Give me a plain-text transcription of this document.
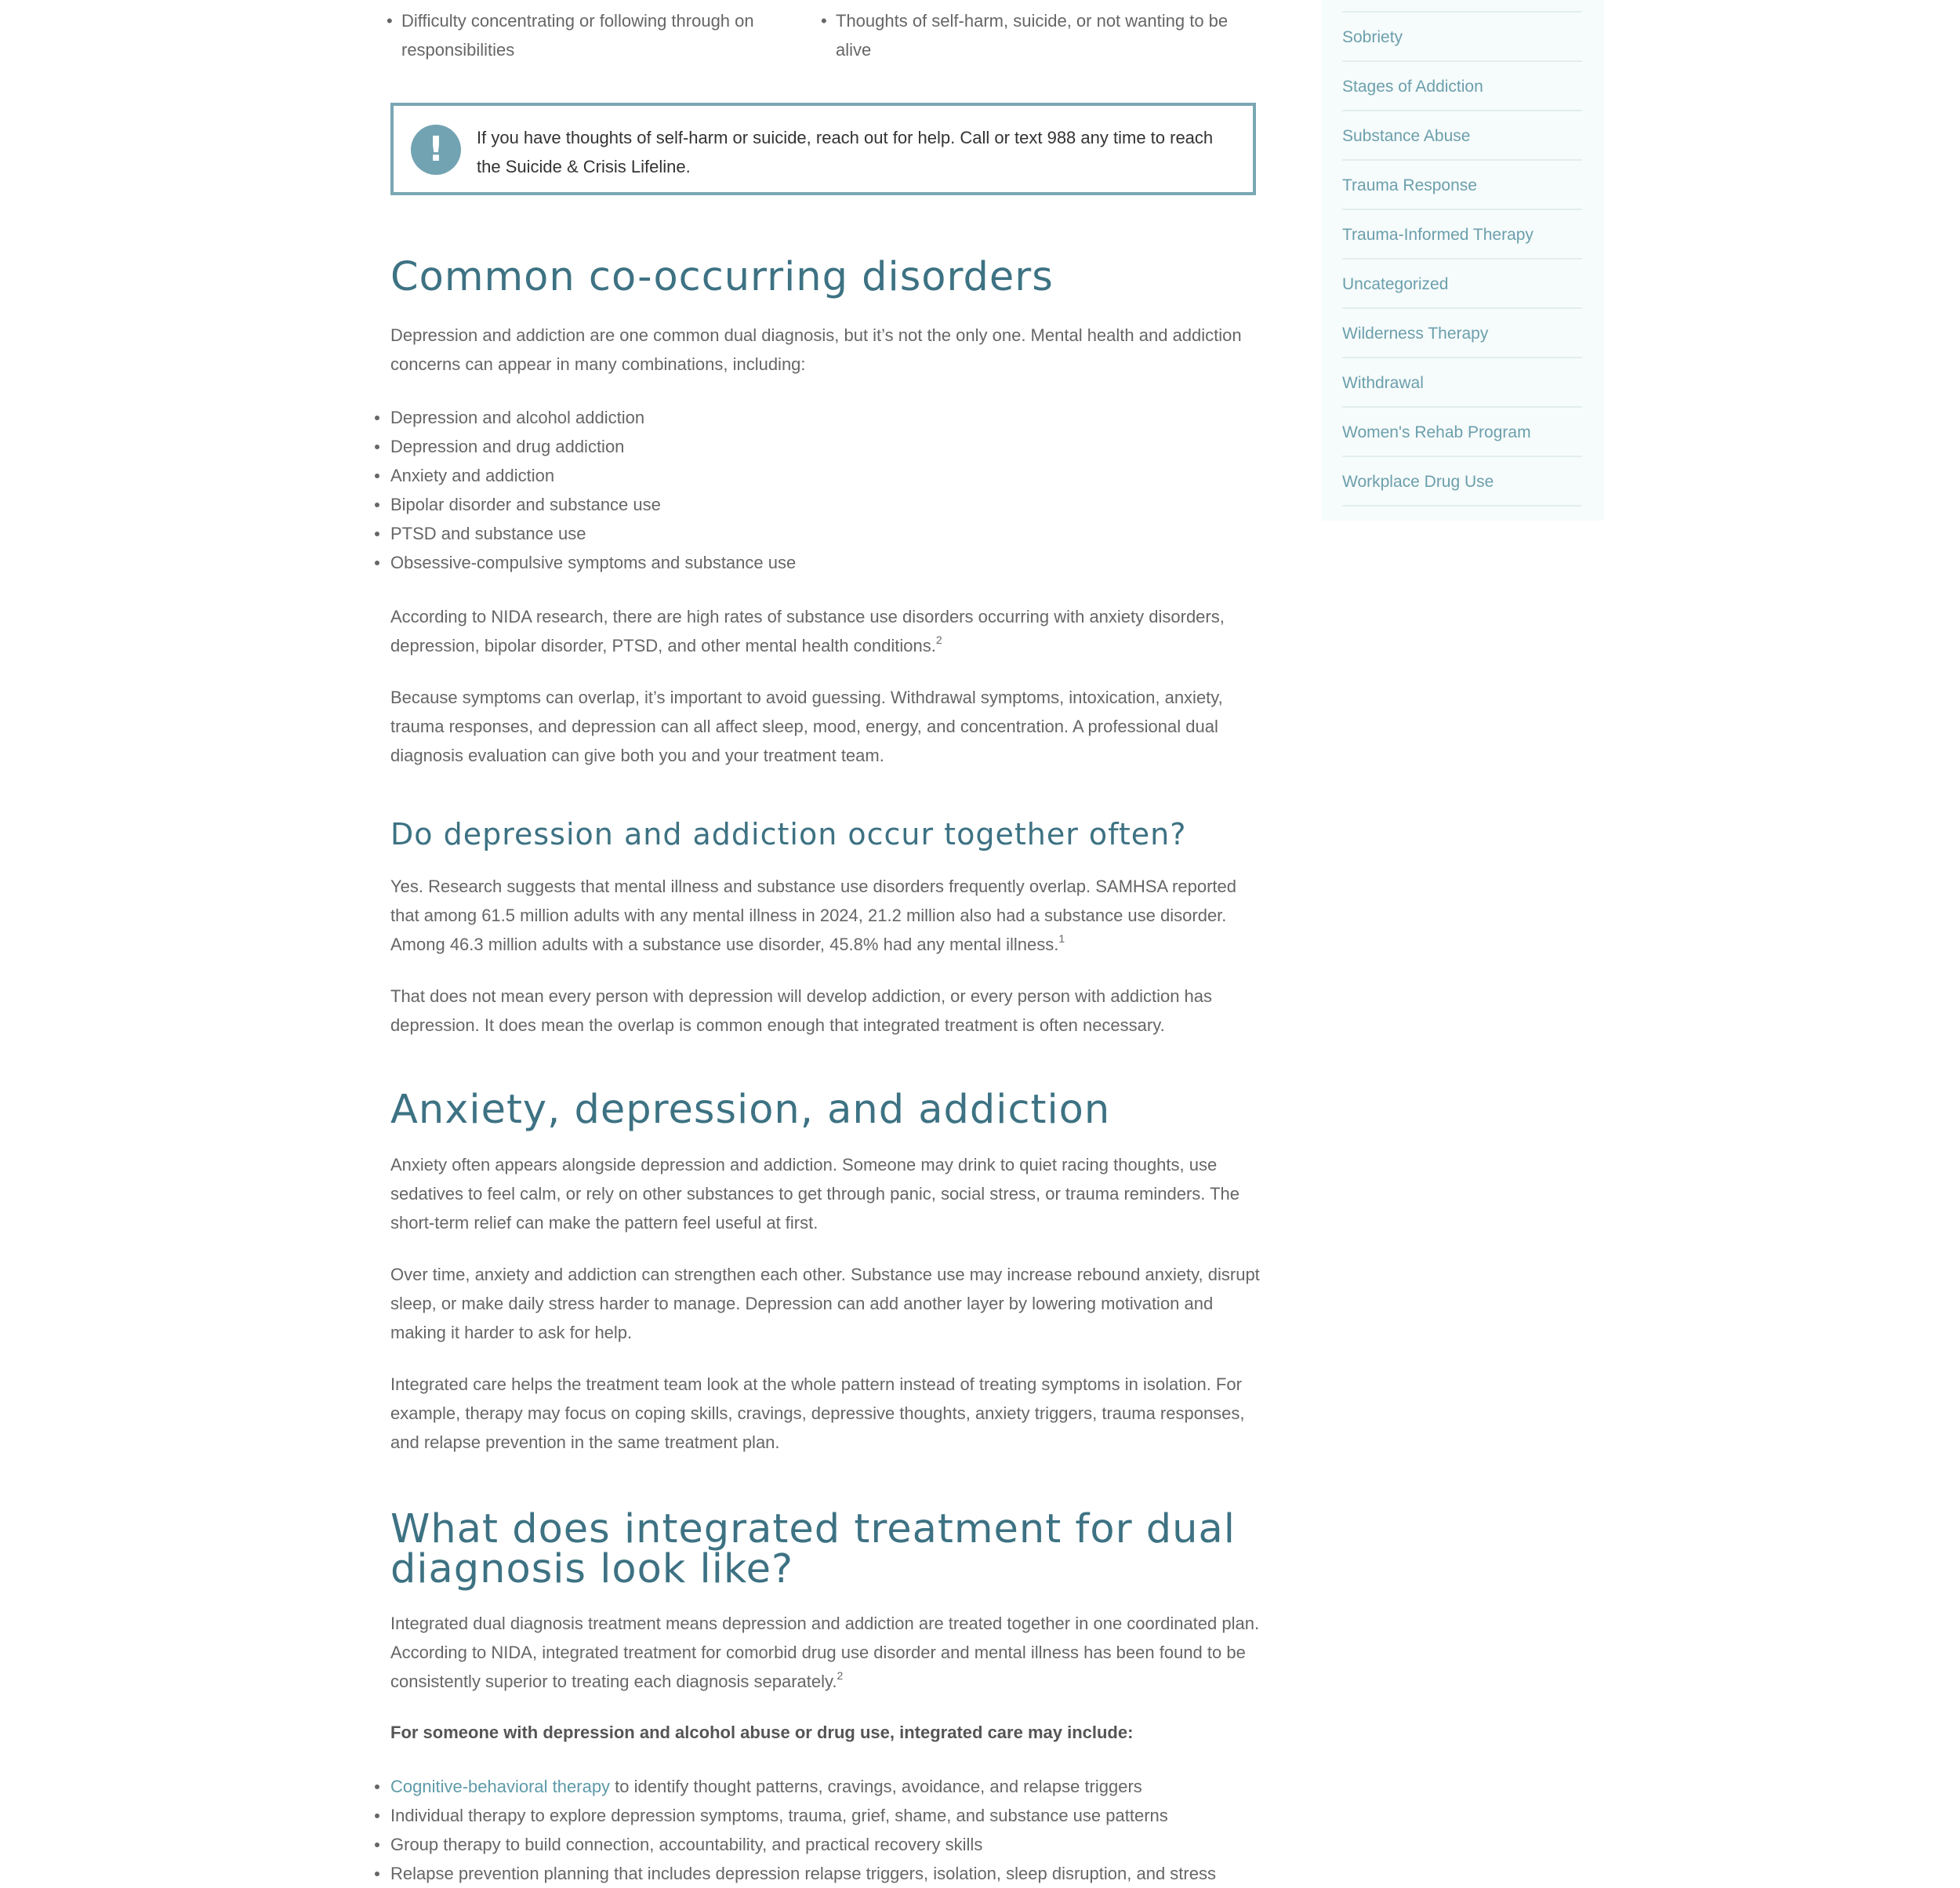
• Difficulty concentrating or following through on responsibilities
• Thoughts of self-harm, suicide, or not wanting to be alive
!	If you have thoughts of self-harm or suicide, reach out for help. Call or text 988 any time to reach the Suicide & Crisis Lifeline.

Common co-occurring disorders

Depression and addiction are one common dual diagnosis, but it’s not the only one. Mental health and addiction concerns can appear in many combinations, including:

Depression and alcohol addiction
Depression and drug addiction
Anxiety and addiction
Bipolar disorder and substance use
PTSD and substance use
Obsessive-compulsive symptoms and substance use

According to NIDA research, there are high rates of substance use disorders occurring with anxiety disorders, depression, bipolar disorder, PTSD, and other mental health conditions.$^2$

Because symptoms can overlap, it’s important to avoid guessing. Withdrawal symptoms, intoxication, anxiety, trauma responses, and depression can all affect sleep, mood, energy, and concentration. A professional dual diagnosis evaluation can give both you and your treatment team.

Do depression and addiction occur together often?

Yes. Research suggests that mental illness and substance use disorders frequently overlap. SAMHSA reported that among 61.5 million adults with any mental illness in 2024, 21.2 million also had a substance use disorder. Among 46.3 million adults with a substance use disorder, 45.8% had any mental illness.$^1$

That does not mean every person with depression will develop addiction, or every person with addiction has depression. It does mean the overlap is common enough that integrated treatment is often necessary.

Anxiety, depression, and addiction

Anxiety often appears alongside depression and addiction. Someone may drink to quiet racing thoughts, use sedatives to feel calm, or rely on other substances to get through panic, social stress, or trauma reminders. The short-term relief can make the pattern feel useful at first.

Over time, anxiety and addiction can strengthen each other. Substance use may increase rebound anxiety, disrupt sleep, or make daily stress harder to manage. Depression can add another layer by lowering motivation and making it harder to ask for help.

Integrated care helps the treatment team look at the whole pattern instead of treating symptoms in isolation. For example, therapy may focus on coping skills, cravings, depressive thoughts, anxiety triggers, trauma responses, and relapse prevention in the same treatment plan.

What does integrated treatment for dual
diagnosis look like?

Integrated dual diagnosis treatment means depression and addiction are treated together in one coordinated plan. According to NIDA, integrated treatment for comorbid drug use disorder and mental illness has been found to be consistently superior to treating each diagnosis separately.$^2$

For someone with depression and alcohol abuse or drug use, integrated care may include:

Cognitive-behavioral therapy to identify thought patterns, cravings, avoidance, and relapse triggers
Individual therapy to explore depression symptoms, trauma, grief, shame, and substance use patterns
Group therapy to build connection, accountability, and practical recovery skills
Relapse prevention planning that includes depression relapse triggers, isolation, sleep disruption, and stress
Sobriety
Stages of Addiction
Substance Abuse
Trauma Response
Trauma-Informed Therapy
Uncategorized
Wilderness Therapy
Withdrawal
Women's Rehab Program
Workplace Drug Use
